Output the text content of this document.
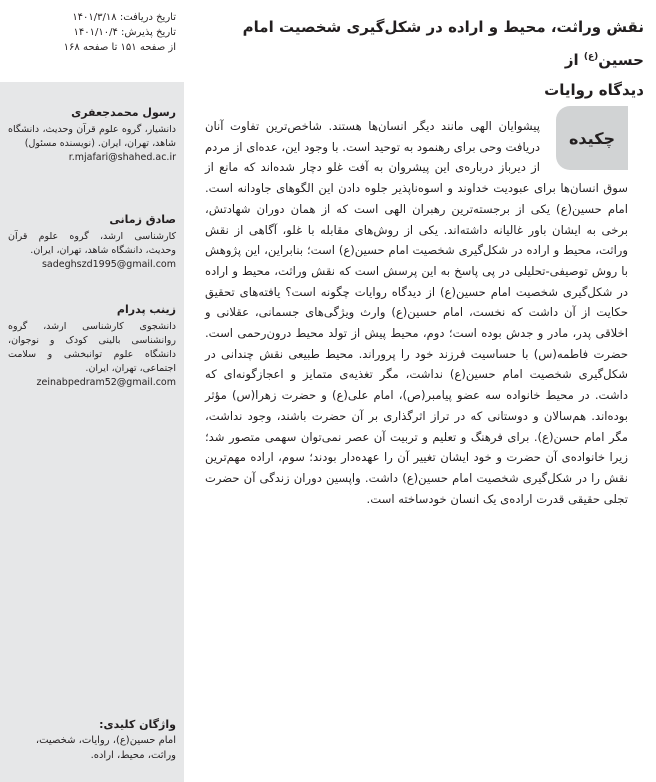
تاریخ دریافت: ۱۴۰۱/۳/۱۸
تاریخ پذیرش: ۱۴۰۱/۱۰/۴
از صفحه ۱۵۱ تا صفحه ۱۶۸
رسول محمدجعفری
دانشیار، گروه علوم قرآن وحدیث، دانشگاه شاهد، تهران، ایران. (نویسنده مسئول)
r.mjafari@shahed.ac.ir
صادق زمانی
کارشناسی ارشد، گروه علوم قرآن وحدیث، دانشگاه شاهد، تهران، ایران.
sadeghszd1995@gmail.com
زینب پدرام
دانشجوی کارشناسی ارشد، گروه روانشناسی بالینی کودک و نوجوان، دانشگاه علوم توانبخشی و سلامت اجتماعی، تهران، ایران.
zeinabpedram52@gmail.com
واژگان کلیدی:
امام حسین(ع)، روایات، شخصیت، وراثت، محیط، اراده.
نقش وراثت، محیط و اراده در شکل‌گیری شخصیت امام حسین$^{(ع)}$ از
دیدگاه روایات
چکیده
پیشوایان الهی مانند دیگر انسان‌ها هستند. شاخص‌ترین تفاوت آنان دریافت وحی برای رهنمود به توحید است. با وجود این، عده‌ای از مردم از دیرباز درباره‌ی این پیشروان به آفت غلو دچار شده‌اند که مانع از سوق انسان‌ها برای عبودیت خداوند و اسوه‌ناپذیر جلوه دادن این الگوهای جاودانه است. امام حسین(ع) یکی از برجسته‌ترین رهبران الهی است که از همان دوران شهادتش، برخی به ایشان باور غالیانه داشته‌اند. یکی از روش‌های مقابله با غلو، آگاهی از نقش وراثت، محیط و اراده در شکل‌گیری شخصیت امام حسین(ع) است؛ بنابراین، این پژوهش با روش توصیفی-تحلیلی در پی پاسخ به این پرسش است که نقش وراثت، محیط و اراده در شکل‌گیری شخصیت امام حسین(ع) از دیدگاه روایات چگونه است؟ یافته‌های تحقیق حکایت از آن داشت که نخست، امام حسین(ع) وارث ویژگی‌های جسمانی، عقلانی و اخلاقی پدر، مادر و جدش بوده است؛ دوم، محیط پیش از تولد محیط درون‌رحمی است. حضرت فاطمه(س) با حساسیت فرزند خود را پروراند. محیط طبیعی نقش چندانی در شکل‌گیری شخصیت امام حسین(ع) نداشت، مگر تغذیه‌ی متمایز و اعجازگونه‌ای که داشت. در محیط خانواده سه عضو پیامبر(ص)، امام علی(ع) و حضرت زهرا(س) مؤثر بوده‌اند. هم‌سالان و دوستانی که در تراز اثرگذاری بر آن حضرت باشند، وجود نداشت، مگر امام حسن(ع). برای فرهنگ و تعلیم و تربیت آن عصر نمی‌توان سهمی متصور شد؛ زیرا خانواده‌ی آن حضرت و خود ایشان تغییر آن را عهده‌دار بودند؛ سوم، اراده مهم‌ترین نقش را در شکل‌گیری شخصیت امام حسین(ع) داشت. واپسین دوران زندگی آن حضرت تجلی حقیقی قدرت اراده‌ی یک انسان خودساخته است.
